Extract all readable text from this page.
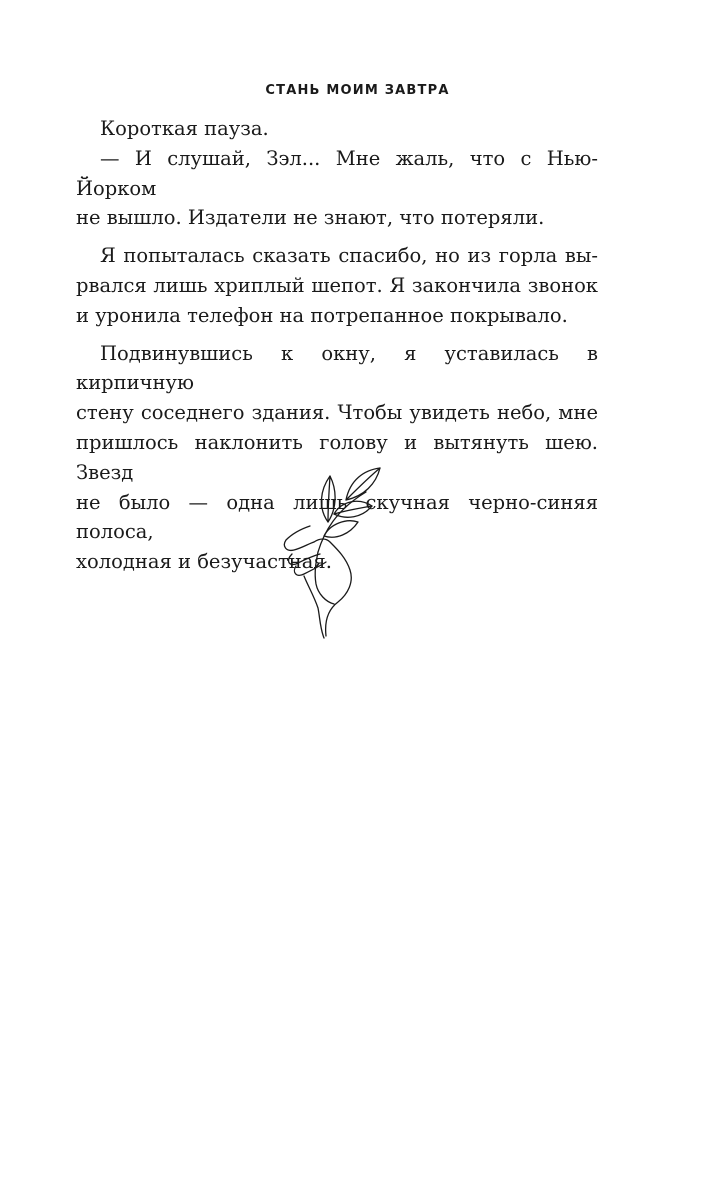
СТАНЬ МОИМ ЗАВТРА

Короткая пауза.

— И слушай, Зэл... Мне жаль, что с Нью-Йорком
не вышло. Издатели не знают, что потеряли.

Я попыталась сказать спасибо, но из горла вы-
рвался лишь хриплый шепот. Я закончила звонок
и уронила телефон на потрепанное покрывало.

Подвинувшись к окну, я уставилась в кирпичную
стену соседнего здания. Чтобы увидеть небо, мне
пришлось наклонить голову и вытянуть шею. Звезд
не было — одна лишь скучная черно-синяя полоса,
холодная и безучастная.
